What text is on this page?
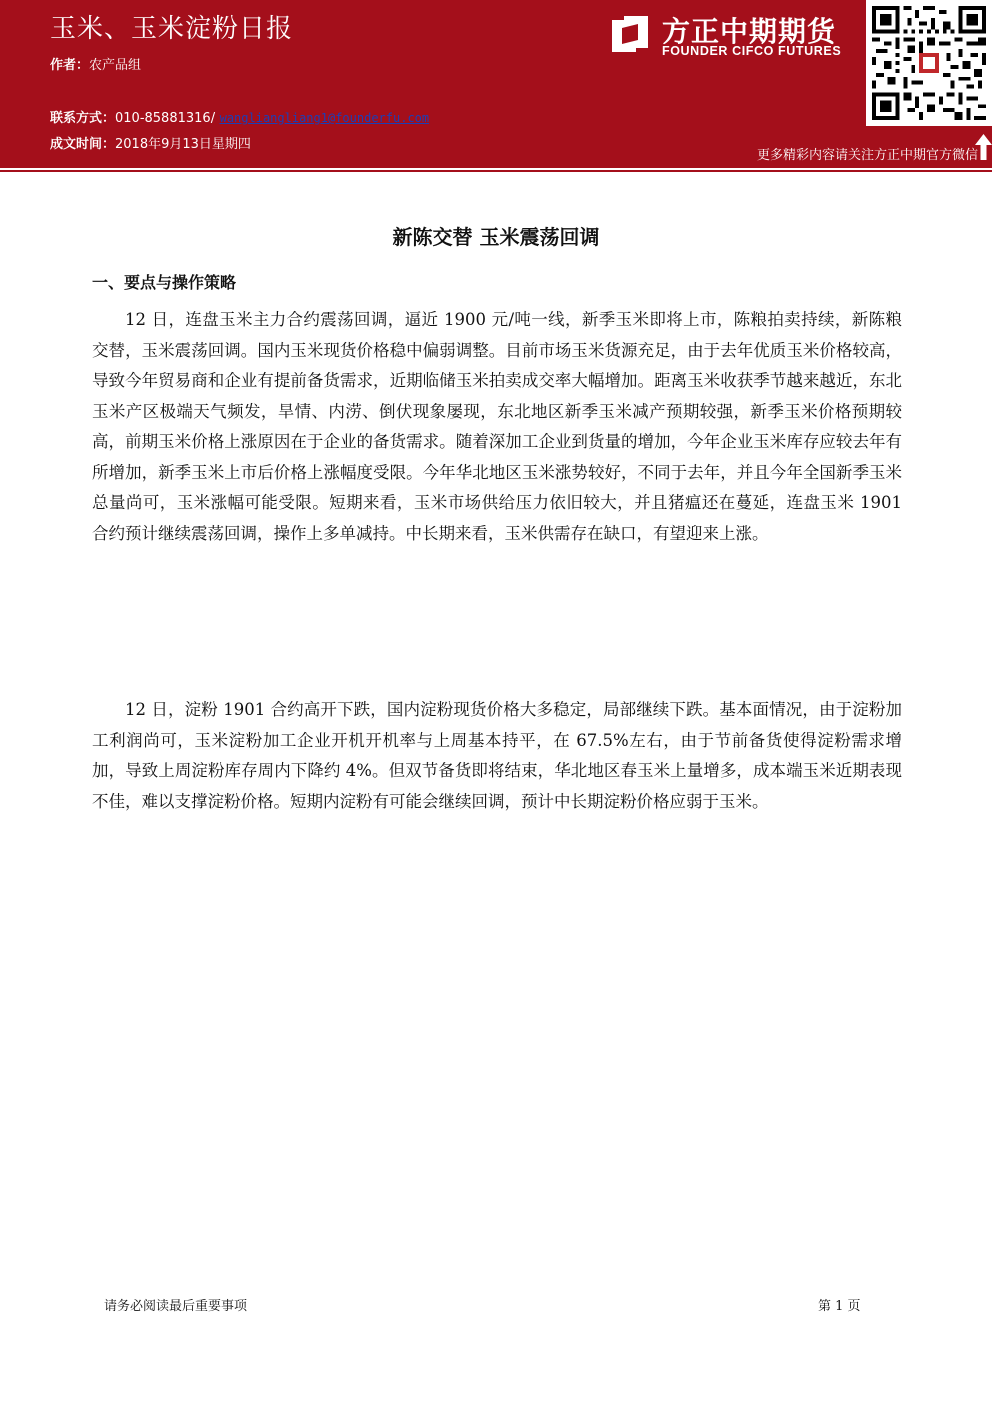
玉米、玉米淀粉日报
作者：农产品组
联系方式：010-85881316/ wangliangliang1@founderfu.com
成文时间：2018年9月13日星期四
方正中期期货
FOUNDER CIFCO FUTURES
更多精彩内容请关注方正中期官方微信
新陈交替 玉米震荡回调
一、要点与操作策略

12 日，连盘玉米主力合约震荡回调，逼近 1900 元/吨一线，新季玉米即将上市，陈粮拍卖持续，新陈粮交替，玉米震荡回调。国内玉米现货价格稳中偏弱调整。目前市场玉米货源充足，由于去年优质玉米价格较高，导致今年贸易商和企业有提前备货需求，近期临储玉米拍卖成交率大幅增加。距离玉米收获季节越来越近，东北玉米产区极端天气频发，旱情、内涝、倒伏现象屡现，东北地区新季玉米减产预期较强，新季玉米价格预期较高，前期玉米价格上涨原因在于企业的备货需求。随着深加工企业到货量的增加，今年企业玉米库存应较去年有所增加，新季玉米上市后价格上涨幅度受限。今年华北地区玉米涨势较好，不同于去年，并且今年全国新季玉米总量尚可，玉米涨幅可能受限。短期来看，玉米市场供给压力依旧较大，并且猪瘟还在蔓延，连盘玉米 1901 合约预计继续震荡回调，操作上多单减持。中长期来看，玉米供需存在缺口，有望迎来上涨。

12 日，淀粉 1901 合约高开下跌，国内淀粉现货价格大多稳定，局部继续下跌。基本面情况，由于淀粉加工利润尚可，玉米淀粉加工企业开机开机率与上周基本持平，在 67.5%左右，由于节前备货使得淀粉需求增加，导致上周淀粉库存周内下降约 4%。但双节备货即将结束，华北地区春玉米上量增多，成本端玉米近期表现不佳，难以支撑淀粉价格。短期内淀粉有可能会继续回调，预计中长期淀粉价格应弱于玉米。

请务必阅读最后重要事项	第 1 页
